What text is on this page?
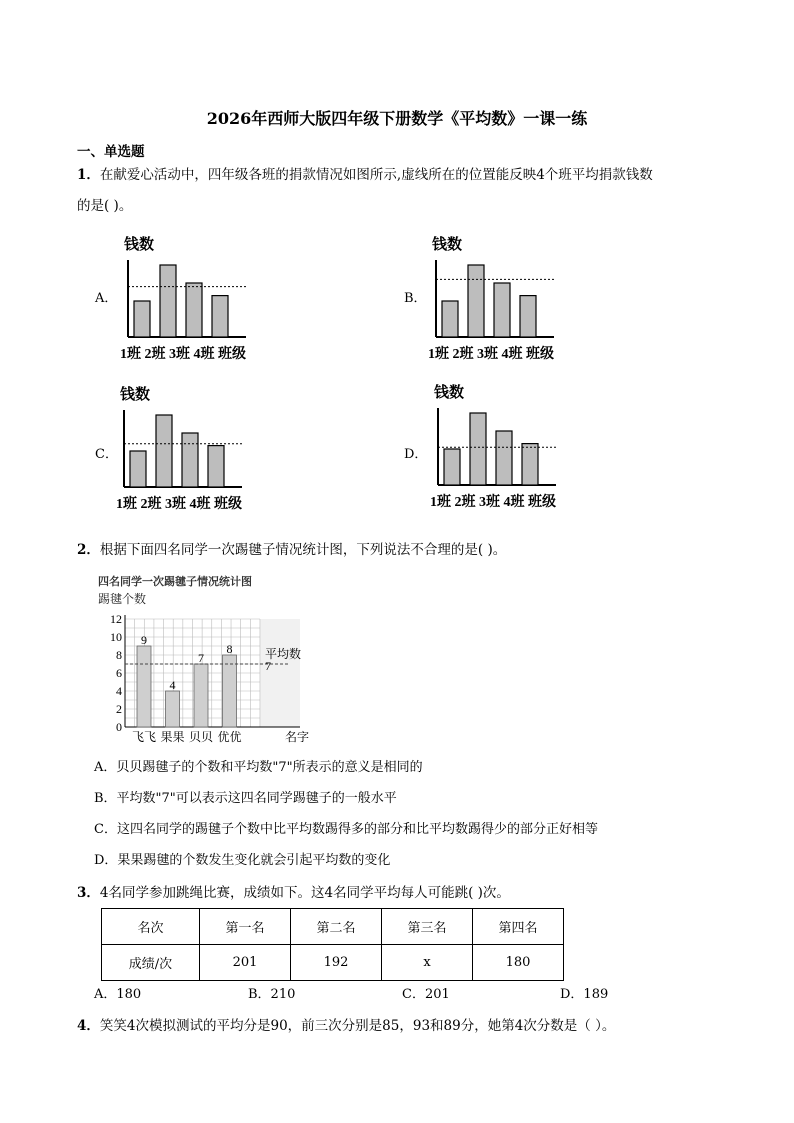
2026年西师大版四年级下册数学《平均数》一课一练
一、单选题
1．在献爱心活动中，四年级各班的捐款情况如图所示,虚线所在的位置能反映4个班平均捐款钱数
的是( )。
A．
钱数
1班 2班 3班 4班 班级
B．
钱数
1班 2班 3班 4班 班级
C．
钱数
1班 2班 3班 4班 班级
D．
钱数
1班 2班 3班 4班 班级
2．根据下面四名同学一次踢毽子情况统计图，下列说法不合理的是( )。
四名同学一次踢毽子情况统计图
踢毽个数
0
2
4
6
8
10
12
9
飞飞
4
果果
7
贝贝
8
优优
平均数
7
名字
A．贝贝踢毽子的个数和平均数"7"所表示的意义是相同的
B．平均数"7"可以表示这四名同学踢毽子的一般水平
C．这四名同学的踢毽子个数中比平均数踢得多的部分和比平均数踢得少的部分正好相等
D．果果踢毽的个数发生变化就会引起平均数的变化
3．4名同学参加跳绳比赛，成绩如下。这4名同学平均每人可能跳( )次。
名次	第一名	第二名	第三名	第四名
成绩/次	201	192	x	180
A．180	B．210	C．201	D．189
4．笑笑4次模拟测试的平均分是90，前三次分别是85，93和89分，她第4次分数是（ ）。
